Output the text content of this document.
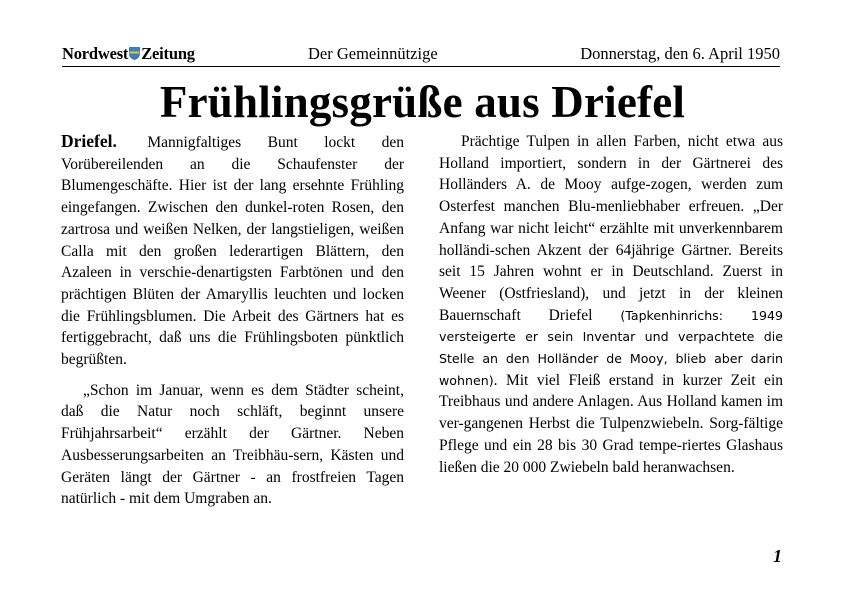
Nordwest Zeitung	Der Gemeinnützige	Donnerstag, den 6. April 1950
Frühlingsgrüße aus Driefel

Driefel. Mannigfaltiges Bunt lockt den Vorübereilenden an die Schaufenster der Blumengeschäfte. Hier ist der lang ersehnte Frühling eingefangen. Zwischen den dunkel-roten Rosen, den zartrosa und weißen Nelken, der langstieligen, weißen Calla mit den großen lederartigen Blättern, den Azaleen in verschie-denartigsten Farbtönen und den prächtigen Blüten der Amaryllis leuchten und locken die Frühlingsblumen. Die Arbeit des Gärtners hat es fertiggebracht, daß uns die Frühlingsboten pünktlich begrüßten.

„Schon im Januar, wenn es dem Städter scheint, daß die Natur noch schläft, beginnt unsere Frühjahrsarbeit“ erzählt der Gärtner. Neben Ausbesserungsarbeiten an Treibhäu-sern, Kästen und Geräten längt der Gärtner - an frostfreien Tagen natürlich - mit dem Umgraben an.

Prächtige Tulpen in allen Farben, nicht etwa aus Holland importiert, sondern in der Gärtnerei des Holländers A. de Mooy aufge-zogen, werden zum Osterfest manchen Blu-menliebhaber erfreuen. „Der Anfang war nicht leicht“ erzählte mit unverkennbarem holländi-schen Akzent der 64jährige Gärtner. Bereits seit 15 Jahren wohnt er in Deutschland. Zuerst in Weener (Ostfriesland), und jetzt in der kleinen Bauernschaft Driefel (Tapkenhinrichs: 1949 versteigerte er sein Inventar und verpachtete die Stelle an den Holländer de Mooy, blieb aber darin wohnen). Mit viel Fleiß erstand in kurzer Zeit ein Treibhaus und andere Anlagen. Aus Holland kamen im ver-gangenen Herbst die Tulpenzwiebeln. Sorg-fältige Pflege und ein 28 bis 30 Grad tempe-riertes Glashaus ließen die 20 000 Zwiebeln bald heranwachsen.

1
